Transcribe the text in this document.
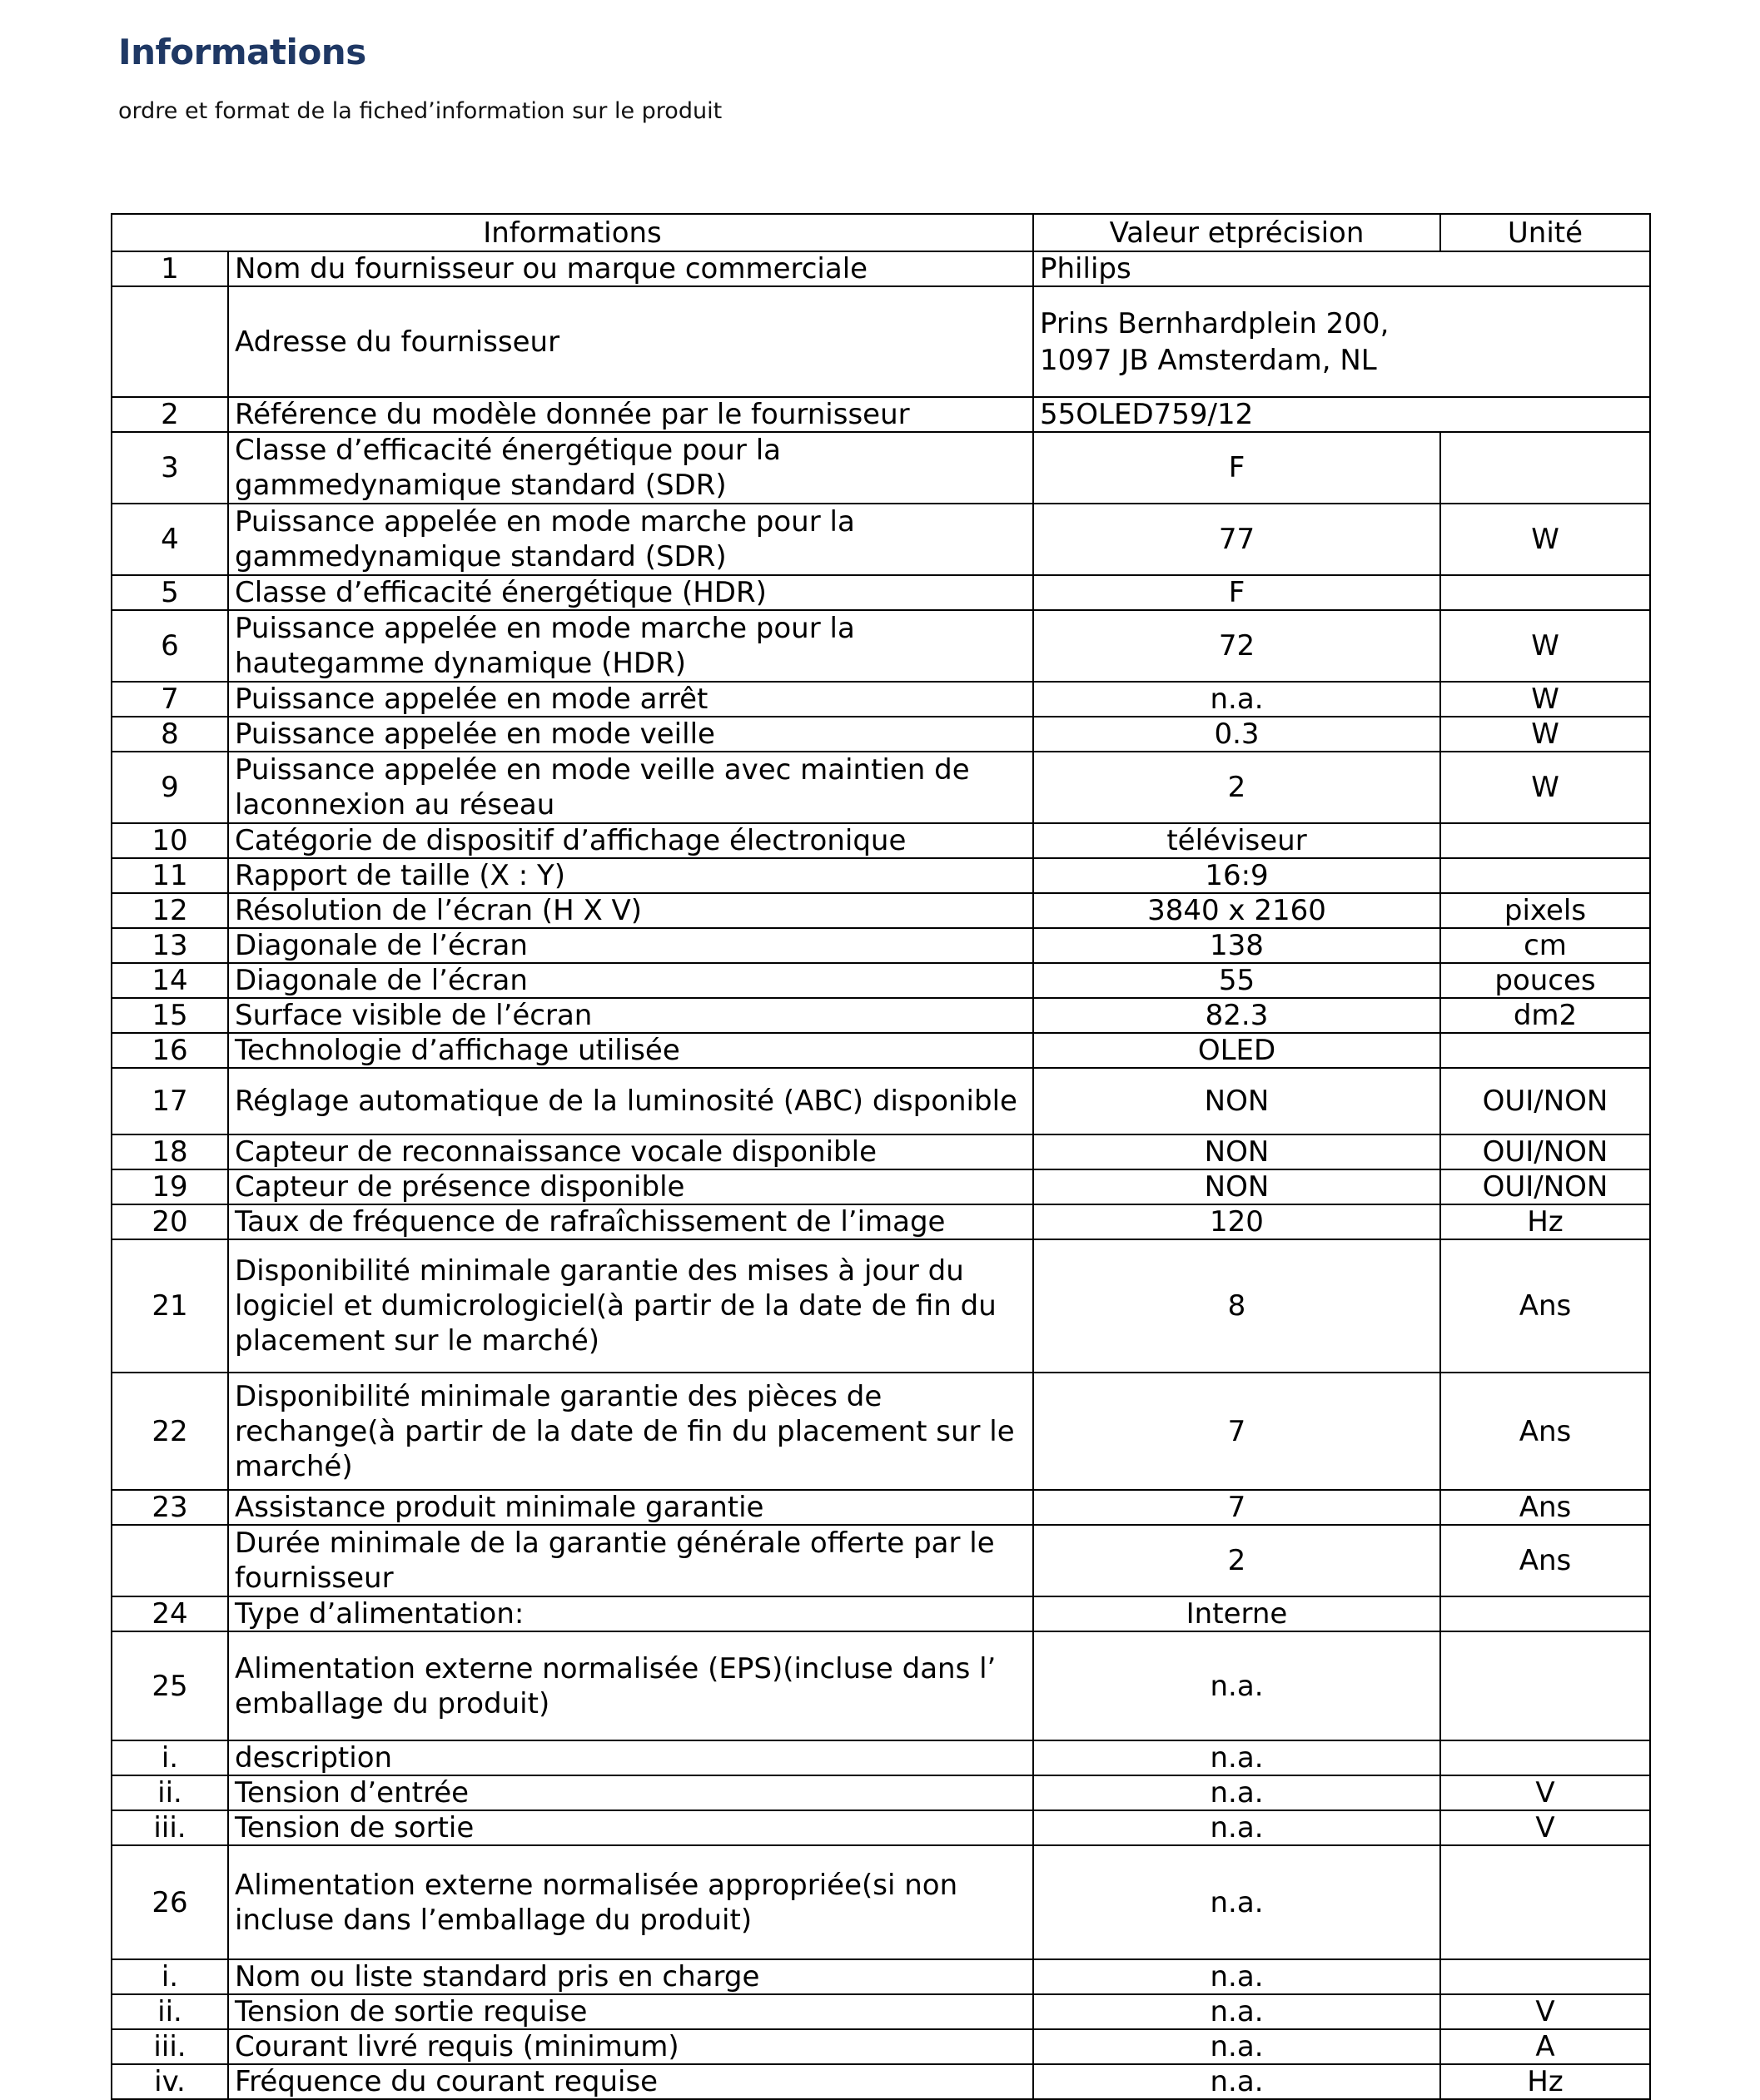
Informations
ordre et format de la fiched’information sur le produit
Informations		Valeur etprécision	Unité
1	Nom du fournisseur ou marque commerciale	Philips	
	Adresse du fournisseur	Prins Bernhardplein 200,
1097 JB Amsterdam, NL	

2	Référence du modèle donnée par le fournisseur	55OLED759/12	
3	Classe d’efficacité énergétique pour la gammedynamique standard (SDR)	F	
4	Puissance appelée en mode marche pour la gammedynamique standard (SDR)	77	W
5	Classe d’efficacité énergétique (HDR)	F	
6	Puissance appelée en mode marche pour la hautegamme dynamique (HDR)	72	W
7	Puissance appelée en mode arrêt	n.a.	W
8	Puissance appelée en mode veille	0.3	W
9	Puissance appelée en mode veille avec maintien de laconnexion au réseau	2	W
10	Catégorie de dispositif d’affichage électronique	téléviseur	
11	Rapport de taille (X : Y)	16:9	
12	Résolution de l’écran (H X V)	3840 x 2160	pixels
13	Diagonale de l’écran	138	cm
14	Diagonale de l’écran	55	pouces
15	Surface visible de l’écran	82.3	dm2
16	Technologie d’affichage utilisée	OLED	
17	Réglage automatique de la luminosité (ABC) disponible	NON	OUI/NON
18	Capteur de reconnaissance vocale disponible	NON	OUI/NON
19	Capteur de présence disponible	NON	OUI/NON
20	Taux de fréquence de rafraîchissement de l’image	120	Hz
21	Disponibilité minimale garantie des mises à jour du logiciel et dumicrologiciel(à partir de la date de fin du placement sur le marché)	8	Ans
22	Disponibilité minimale garantie des pièces de rechange(à partir de la date de fin du placement sur le marché)	7	Ans
23	Assistance produit minimale garantie	7	Ans
	Durée minimale de la garantie générale offerte par le fournisseur	2	Ans
24	Type d’alimentation:	Interne	
25	Alimentation externe normalisée (EPS)(incluse dans l’ emballage du produit)	n.a.	
i.	description	n.a.	
ii.	Tension d’entrée	n.a.	V
iii.	Tension de sortie	n.a.	V
26	Alimentation externe normalisée appropriée(si non incluse dans l’emballage du produit)	n.a.	
i.	Nom ou liste standard pris en charge	n.a.	
ii.	Tension de sortie requise	n.a.	V
iii.	Courant livré requis (minimum)	n.a.	A
iv.	Fréquence du courant requise	n.a.	Hz
